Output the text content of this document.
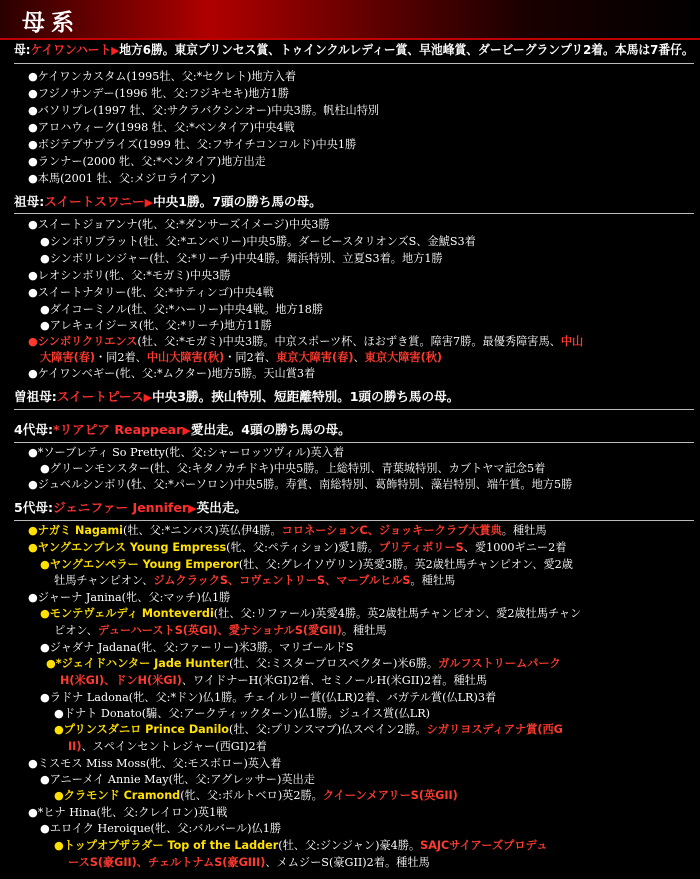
母系
母:ケイワンハート▶地方6勝。東京プリンセス賞、トゥインクルレディー賞、早池峰賞、ダービーグランプリ2着。本馬は7番仔。
●ケイワンカスタム(1995牡、父:*セクレト)地方入着
●フジノサンデー(1996 牝、父:フジキセキ)地方1勝
●バソリプレ(1997 牡、父:サクラバクシンオー)中央3勝。帆柱山特別
●アロハウィーク(1998 牡、父:*ベンタイア)中央4戦
●ボジテブサプライズ(1999 牡、父:フサイチコンコルド)中央1勝
●ランナー(2000 牝、父:*ベンタイア)地方出走
●本馬(2001 牡、父:メジロライアン)
祖母:スイートスワニー▶中央1勝。7頭の勝ち馬の母。
●スイートジョアンナ(牝、父:*ダンサーズイメージ)中央3勝
●シンボリブラット(牡、父:*エンペリー)中央5勝。ダービースタリオンズS、金鯱S3着
●シンボリレンジャー(牡、父:*リーチ)中央4勝。舞浜特別、立夏S3着。地方1勝
●レオシンボリ(牝、父:*モガミ)中央3勝
●スイートナタリー(牝、父:*サティンゴ)中央4戦
●ダイコーミノル(牡、父:*ハーリー)中央4戦。地方18勝
●アレキュイジーヌ(牝、父:*リーチ)地方11勝
●シンボリクリエンス(牡、父:*モガミ)中央3勝。中京スポーツ杯、ほおずき賞。障害7勝。最優秀障害馬、中山
大障害(春)・同2着、中山大障害(秋)・同2着、東京大障害(春)、東京大障害(秋)
●ケイワンベギー(牝、父:*ムクター)地方5勝。天山賞3着
曽祖母:スイートピース▶中央3勝。挾山特別、短距離特別。1頭の勝ち馬の母。
4代母:*リアピア Reappear▶愛出走。4頭の勝ち馬の母。
●*ソーブレティ So Pretty(牝、父:シャーロッツヴィル)英入着
●グリーンモンスター(牡、父:キタノカチドキ)中央5勝。上総特別、青葉城特別、カブトヤマ記念5着
●ジュベルシンボリ(牡、父:*パーソロン)中央5勝。寿賞、南総特別、葛飾特別、藻岩特別、端午賞。地方5勝
5代母:ジェニファー Jennifer▶英出走。
●ナガミ Nagami(牡、父:*ニンバス)英仏伊4勝。コロネーションC、ジョッキークラブ大賞典。種牡馬
●ヤングエンプレス Young Empress(牝、父:ペティション)愛1勝。プリティポリーS、愛1000ギニー2着
●ヤングエンペラー Young Emperor(牡、父:グレイソヴリン)英愛3勝。英2歳牡馬チャンピオン、愛2歳
牡馬チャンピオン、ジムクラックS、コヴェントリーS、マーブルヒルS。種牡馬
●ジャーナ Janina(牝、父:マッチ)仏1勝
●モンテヴェルディ Monteverdi(牡、父:リファール)英愛4勝。英2歳牡馬チャンピオン、愛2歳牡馬チャン
ピオン、デューハーストS(英GI)、愛ナショナルS(愛GII)。種牡馬
●ジャダナ Jadana(牝、父:ファーリー)米3勝。マリゴールドS
●*ジェイドハンター Jade Hunter(牡、父:ミスタープロスペクター)米6勝。ガルフストリームパーク
H(米GI)、ドンH(米GI)、ワイドナーH(米GI)2着、セミノールH(米GII)2着。種牡馬
●ラドナ Ladona(牝、父:*ドン)仏1勝。チェイルリー賞(仏LR)2着、バガテル賞(仏LR)3着
●ドナト Donato(騸、父:アークティックターン)仏1勝。ジュイス賞(仏LR)
●プリンスダニロ Prince Danilo(牡、父:プリンスマブ)仏スペイン2勝。シガリヨスディアナ賞(西G
II)、スペインセントレジャー(西GI)2着
●ミスモス Miss Moss(牝、父:モスボロー)英入着
●アニーメイ Annie May(牝、父:アグレッサー)英出走
●クラモンド Cramond(牝、父:ボルトベロ)英2勝。クイーンメアリーS(英GII)
●*ヒナ Hina(牝、父:クレイロン)英1戦
●エロイク Heroique(牝、父:バルバール)仏1勝
●トップオブザラダー Top of the Ladder(牡、父:ジンジャン)豪4勝。SAJCサイアーズプロデュ
ースS(豪GII)、チェルトナムS(豪GIII)、メムジーS(豪GII)2着。種牡馬
